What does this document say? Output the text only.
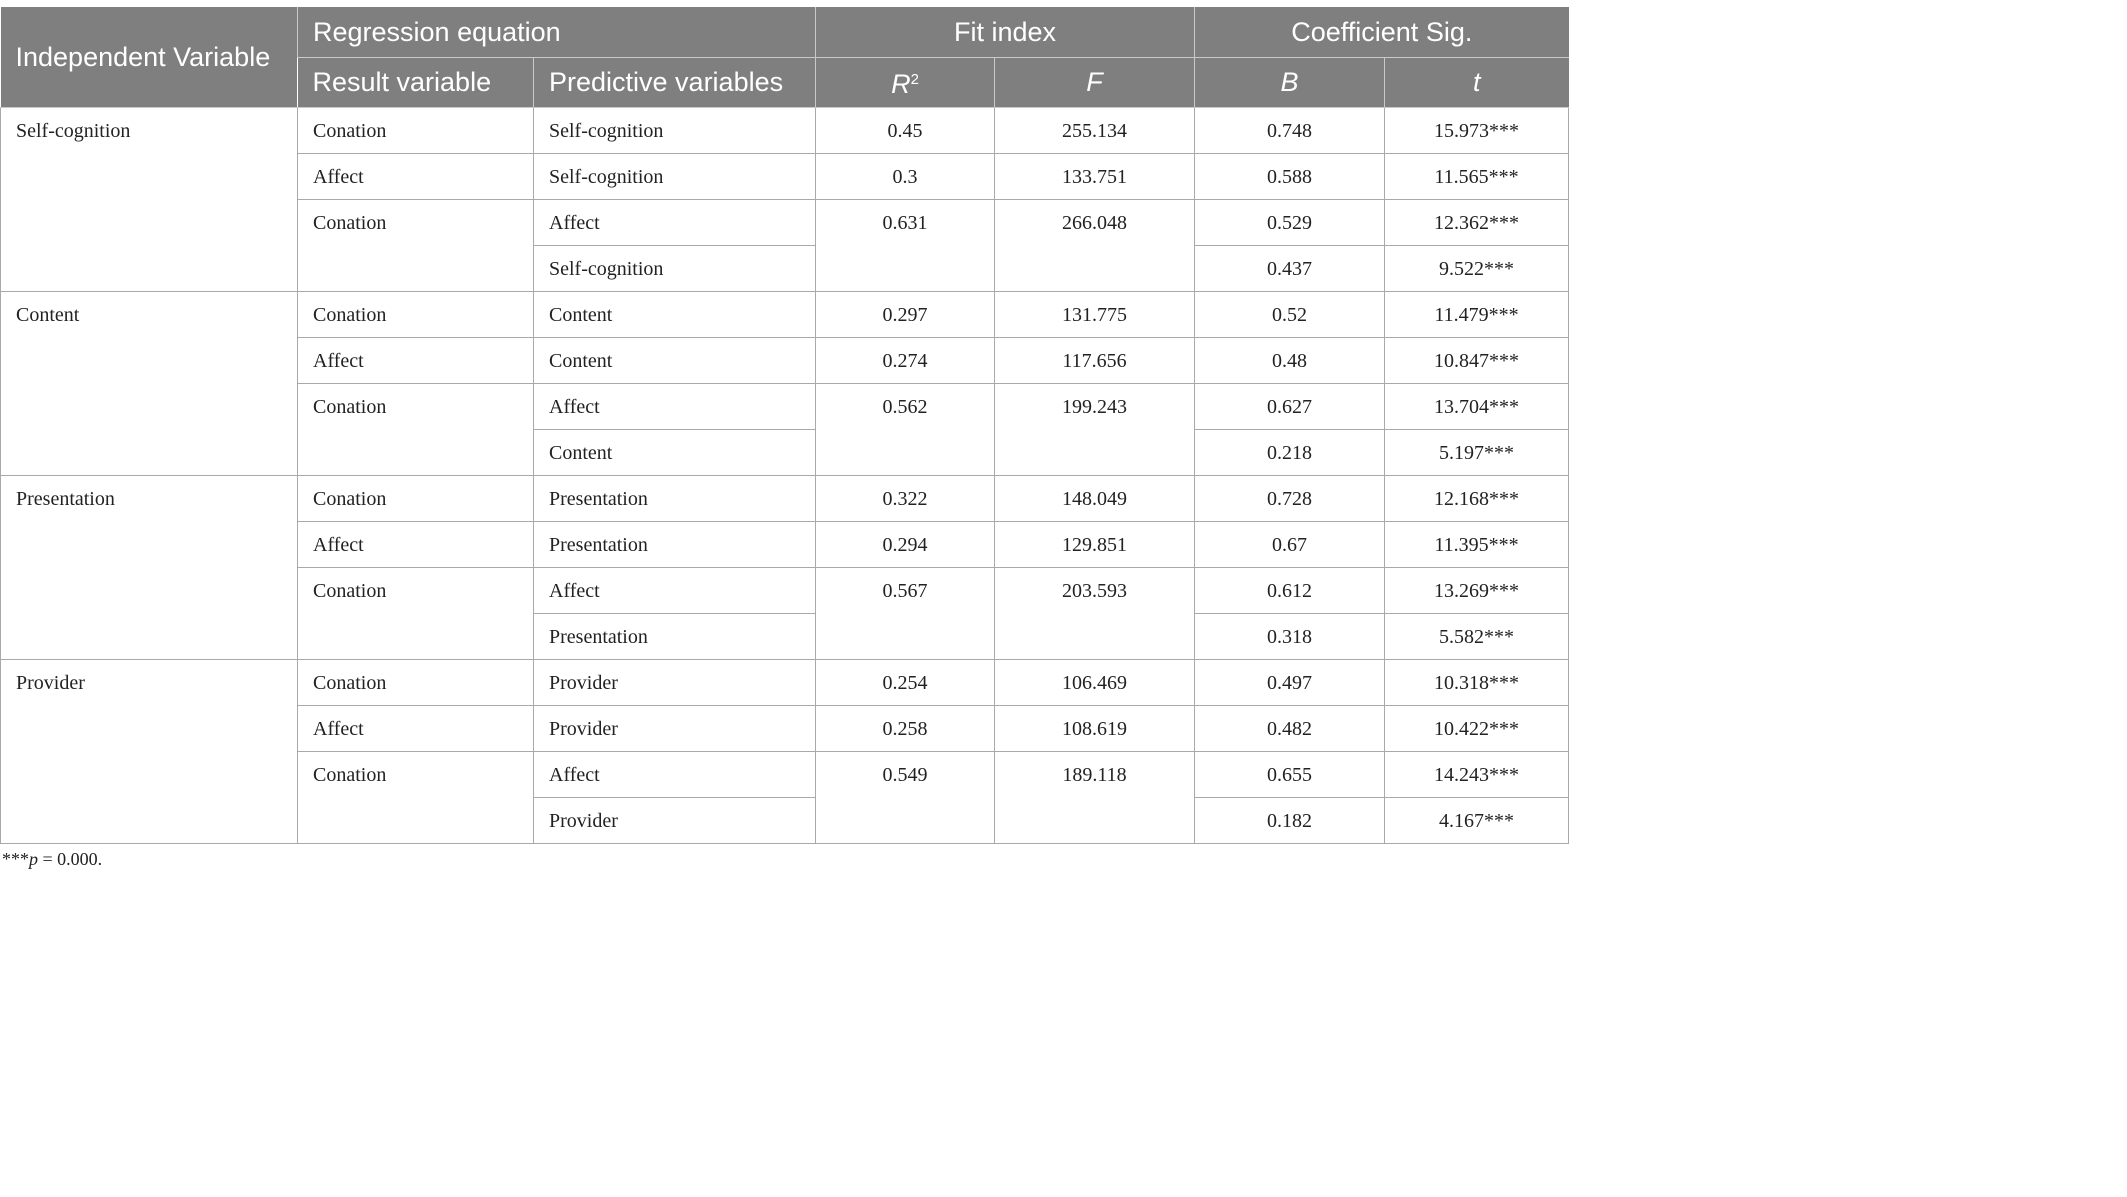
Independent Variable	Regression equation		Fit index		Coefficient Sig.	
	Result variable	Predictive variables	$R^2$	F	B	t
Self-cognition	Conation	Self-cognition	0.45	255.134	0.748	15.973***
	Affect	Self-cognition	0.3	133.751	0.588	11.565***
	Conation	Affect	0.631	266.048	0.529	12.362***
		Self-cognition			0.437	9.522***
Content	Conation	Content	0.297	131.775	0.52	11.479***
	Affect	Content	0.274	117.656	0.48	10.847***
	Conation	Affect	0.562	199.243	0.627	13.704***
		Content			0.218	5.197***
Presentation	Conation	Presentation	0.322	148.049	0.728	12.168***
	Affect	Presentation	0.294	129.851	0.67	11.395***
	Conation	Affect	0.567	203.593	0.612	13.269***
		Presentation			0.318	5.582***
Provider	Conation	Provider	0.254	106.469	0.497	10.318***
	Affect	Provider	0.258	108.619	0.482	10.422***
	Conation	Affect	0.549	189.118	0.655	14.243***
		Provider			0.182	4.167***
***p = 0.000.
